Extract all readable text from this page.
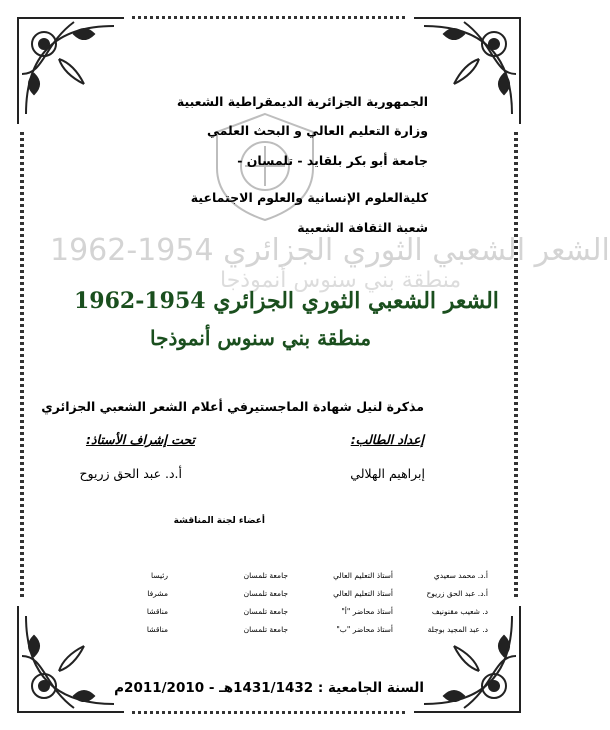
الجمهورية الجزائرية الديمقراطية الشعبية
وزارة التعليم العالي و البحث العلمي
جامعة أبو بكر بلقايد - تلمسان -
كليةالعلوم الإنسانية والعلوم الاجتماعية
شعبة الثقافة الشعبية
الشعر الشعبي الثوري الجزائري 1954-1962
منطقة بني سنوس أنموذجا
الشعر الشعبي الثوري الجزائري 1954-1962
منطقة بني سنوس أنموذجا
مذكرة لنيل شهادة الماجستير
في أعلام الشعر الشعبي الجزائري
إعداد الطالب:
تحت إشراف الأستاذ:
إبراهيم الهلالي
أ.د. عبد الحق زريوح
أعضاء لجنة المناقشة
أ.د. محمد سعيدي	أستاذ التعليم العالي	جامعة تلمسان	رئيسا
أ.د. عبد الحق زريوح	أستاذ التعليم العالي	جامعة تلمسان	مشرفا
د. شعيب مقنونيف	أستاذ محاضر "أ"	جامعة تلمسان	مناقشا
د. عبد المجيد بوجلة	أستاذ محاضر "ب"	جامعة تلمسان	مناقشا
السنة الجامعية : 1431/1432هـ - 2011/2010م
